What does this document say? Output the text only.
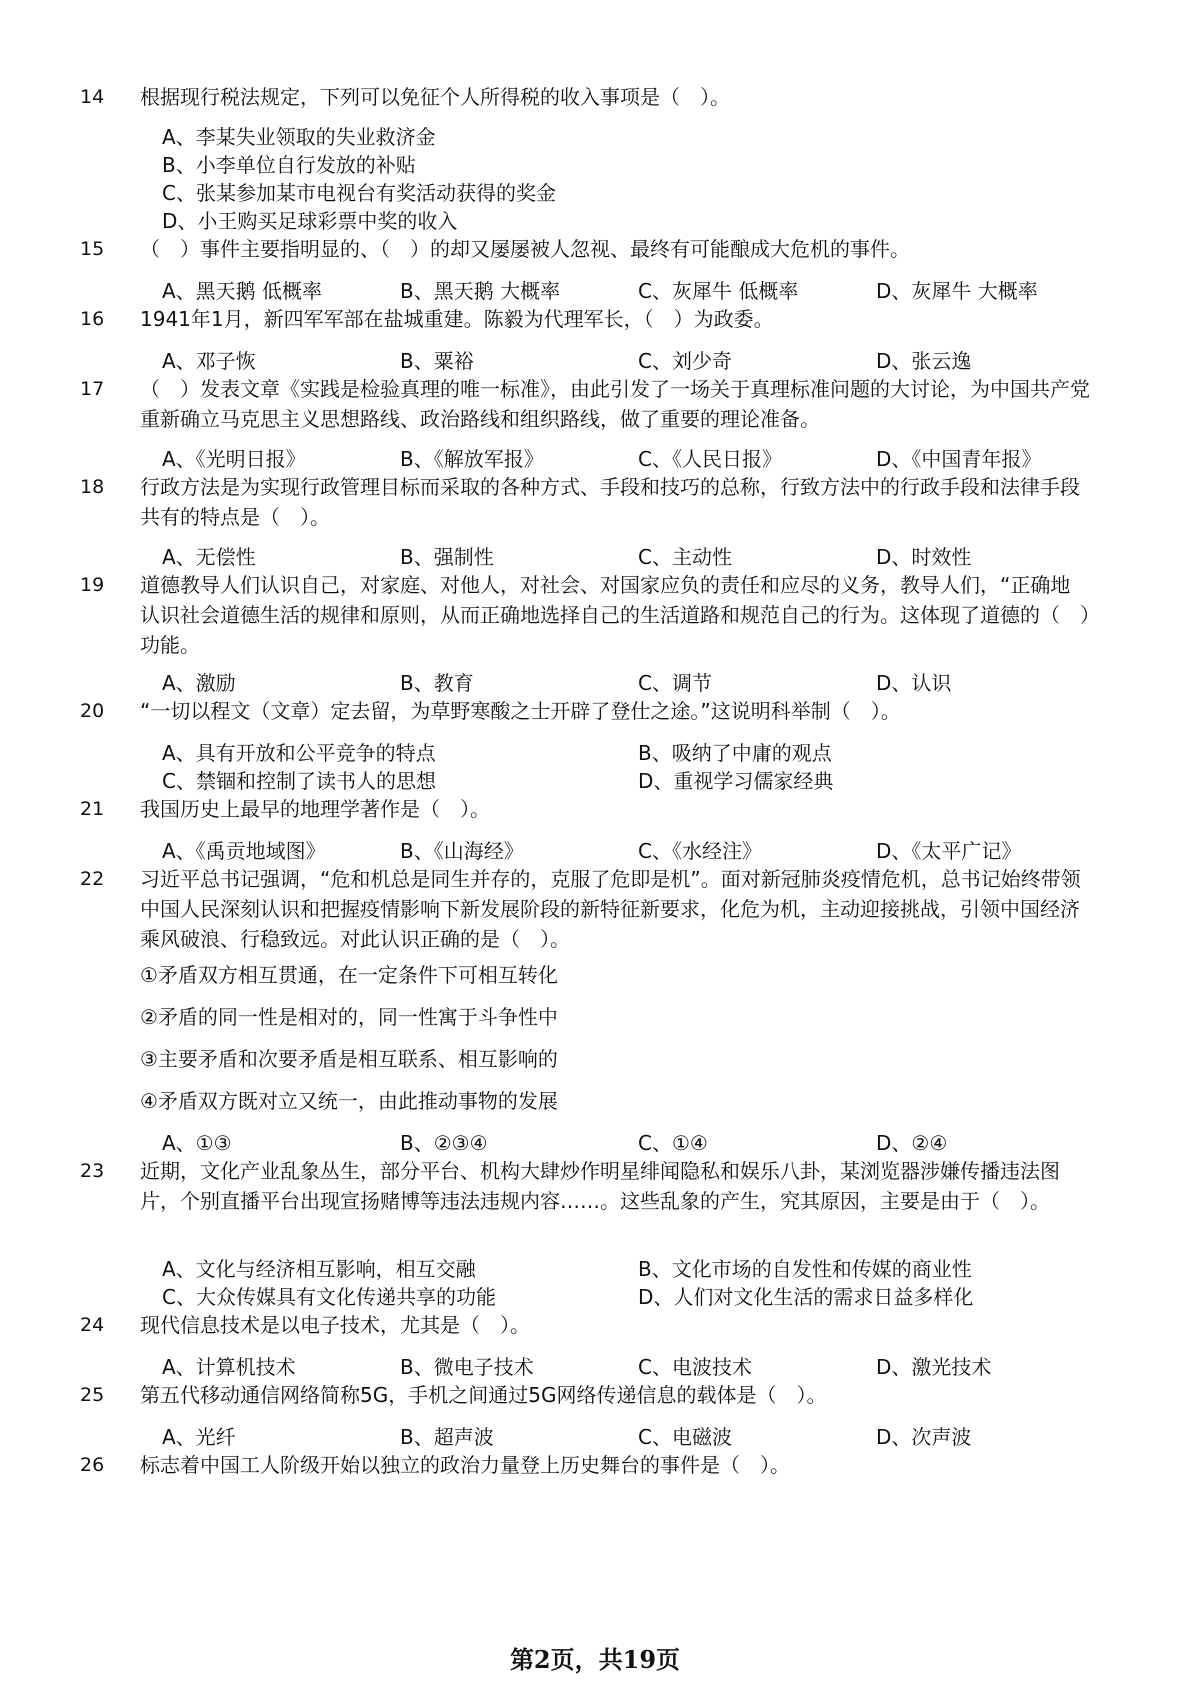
14	根据现行税法规定，下列可以免征个人所得税的收入事项是（　）。
A、李某失业领取的失业救济金
B、小李单位自行发放的补贴
C、张某参加某市电视台有奖活动获得的奖金
D、小王购买足球彩票中奖的收入
15	（　）事件主要指明显的、（　）的却又屡屡被人忽视、最终有可能酿成大危机的事件。
A、黑天鹅 低概率	B、黑天鹅 大概率	C、灰犀牛 低概率	D、灰犀牛 大概率
16	1941年1月，新四军军部在盐城重建。陈毅为代理军长，（　）为政委。
A、邓子恢	B、粟裕	C、刘少奇	D、张云逸
17	（　）发表文章《实践是检验真理的唯一标准》，由此引发了一场关于真理标准问题的大讨论，为中国共产党重新确立马克思主义思想路线、政治路线和组织路线，做了重要的理论准备。
A、《光明日报》	B、《解放军报》	C、《人民日报》	D、《中国青年报》
18	行政方法是为实现行政管理目标而采取的各种方式、手段和技巧的总称，行致方法中的行政手段和法律手段共有的特点是（　）。
A、无偿性	B、强制性	C、主动性	D、时效性
19	道德教导人们认识自己，对家庭、对他人，对社会、对国家应负的责任和应尽的义务，教导人们，“正确地认识社会道德生活的规律和原则，从而正确地选择自己的生活道路和规范自己的行为。这体现了道德的（　）功能。
A、激励	B、教育	C、调节	D、认识
20	“一切以程文（文章）定去留，为草野寒酸之士开辟了登仕之途。”这说明科举制（　）。
A、具有开放和公平竞争的特点	B、吸纳了中庸的观点
C、禁锢和控制了读书人的思想	D、重视学习儒家经典
21	我国历史上最早的地理学著作是（　）。
A、《禹贡地域图》	B、《山海经》	C、《水经注》	D、《太平广记》
22	习近平总书记强调，“危和机总是同生并存的，克服了危即是机”。面对新冠肺炎疫情危机，总书记始终带领中国人民深刻认识和把握疫情影响下新发展阶段的新特征新要求，化危为机，主动迎接挑战，引领中国经济乘风破浪、行稳致远。对此认识正确的是（　）。
①矛盾双方相互贯通，在一定条件下可相互转化
②矛盾的同一性是相对的，同一性寓于斗争性中
③主要矛盾和次要矛盾是相互联系、相互影响的
④矛盾双方既对立又统一，由此推动事物的发展
A、①③	B、②③④	C、①④	D、②④
23	近期，文化产业乱象丛生，部分平台、机构大肆炒作明星绯闻隐私和娱乐八卦，某浏览器涉嫌传播违法图片，个别直播平台出现宣扬赌博等违法违规内容……。这些乱象的产生，究其原因，主要是由于（　）。
A、文化与经济相互影响，相互交融	B、文化市场的自发性和传媒的商业性
C、大众传媒具有文化传递共享的功能	D、人们对文化生活的需求日益多样化
24	现代信息技术是以电子技术，尤其是（　）。
A、计算机技术	B、微电子技术	C、电波技术	D、激光技术
25	第五代移动通信网络简称5G，手机之间通过5G网络传递信息的载体是（　）。
A、光纤	B、超声波	C、电磁波	D、次声波
26	标志着中国工人阶级开始以独立的政治力量登上历史舞台的事件是（　）。
第2页，共19页
